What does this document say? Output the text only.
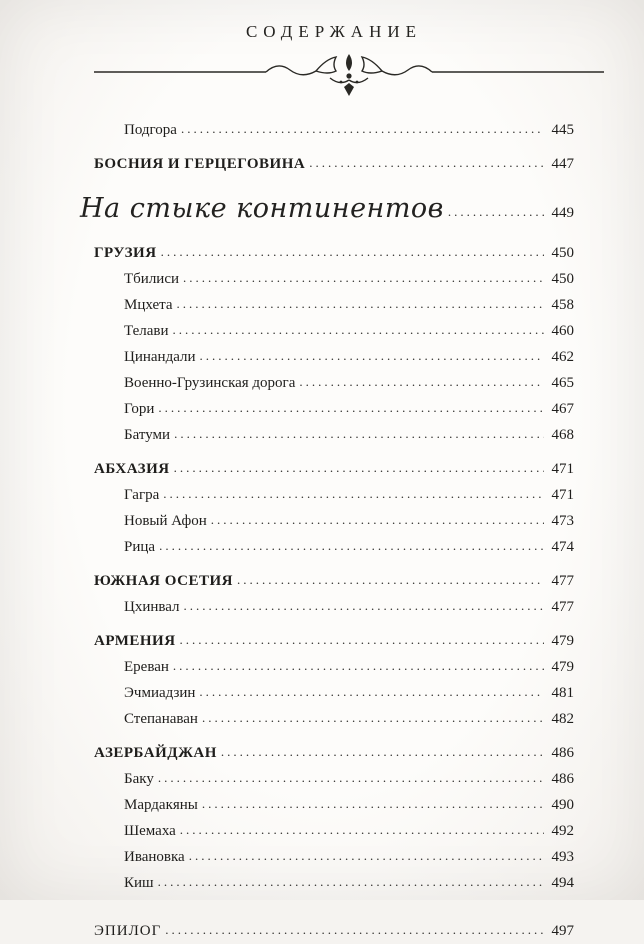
СОДЕРЖАНИЕ
Подгора .....	445
БОСНИЯ И ГЕРЦЕГОВИНА .....	447
На стыке континентов .....	449
ГРУЗИЯ .....	450
Тбилиси .....	450
Мцхета .....	458
Телави .....	460
Цинандали .....	462
Военно-Грузинская дорога .....	465
Гори .....	467
Батуми .....	468
АБХАЗИЯ .....	471
Гагра .....	471
Новый Афон .....	473
Рица .....	474
ЮЖНАЯ ОСЕТИЯ .....	477
Цхинвал .....	477
АРМЕНИЯ .....	479
Ереван .....	479
Эчмиадзин .....	481
Степанаван .....	482
АЗЕРБАЙДЖАН .....	486
Баку .....	486
Мардакяны .....	490
Шемаха .....	492
Ивановка .....	493
Киш .....	494
ЭПИЛОГ .....	497
